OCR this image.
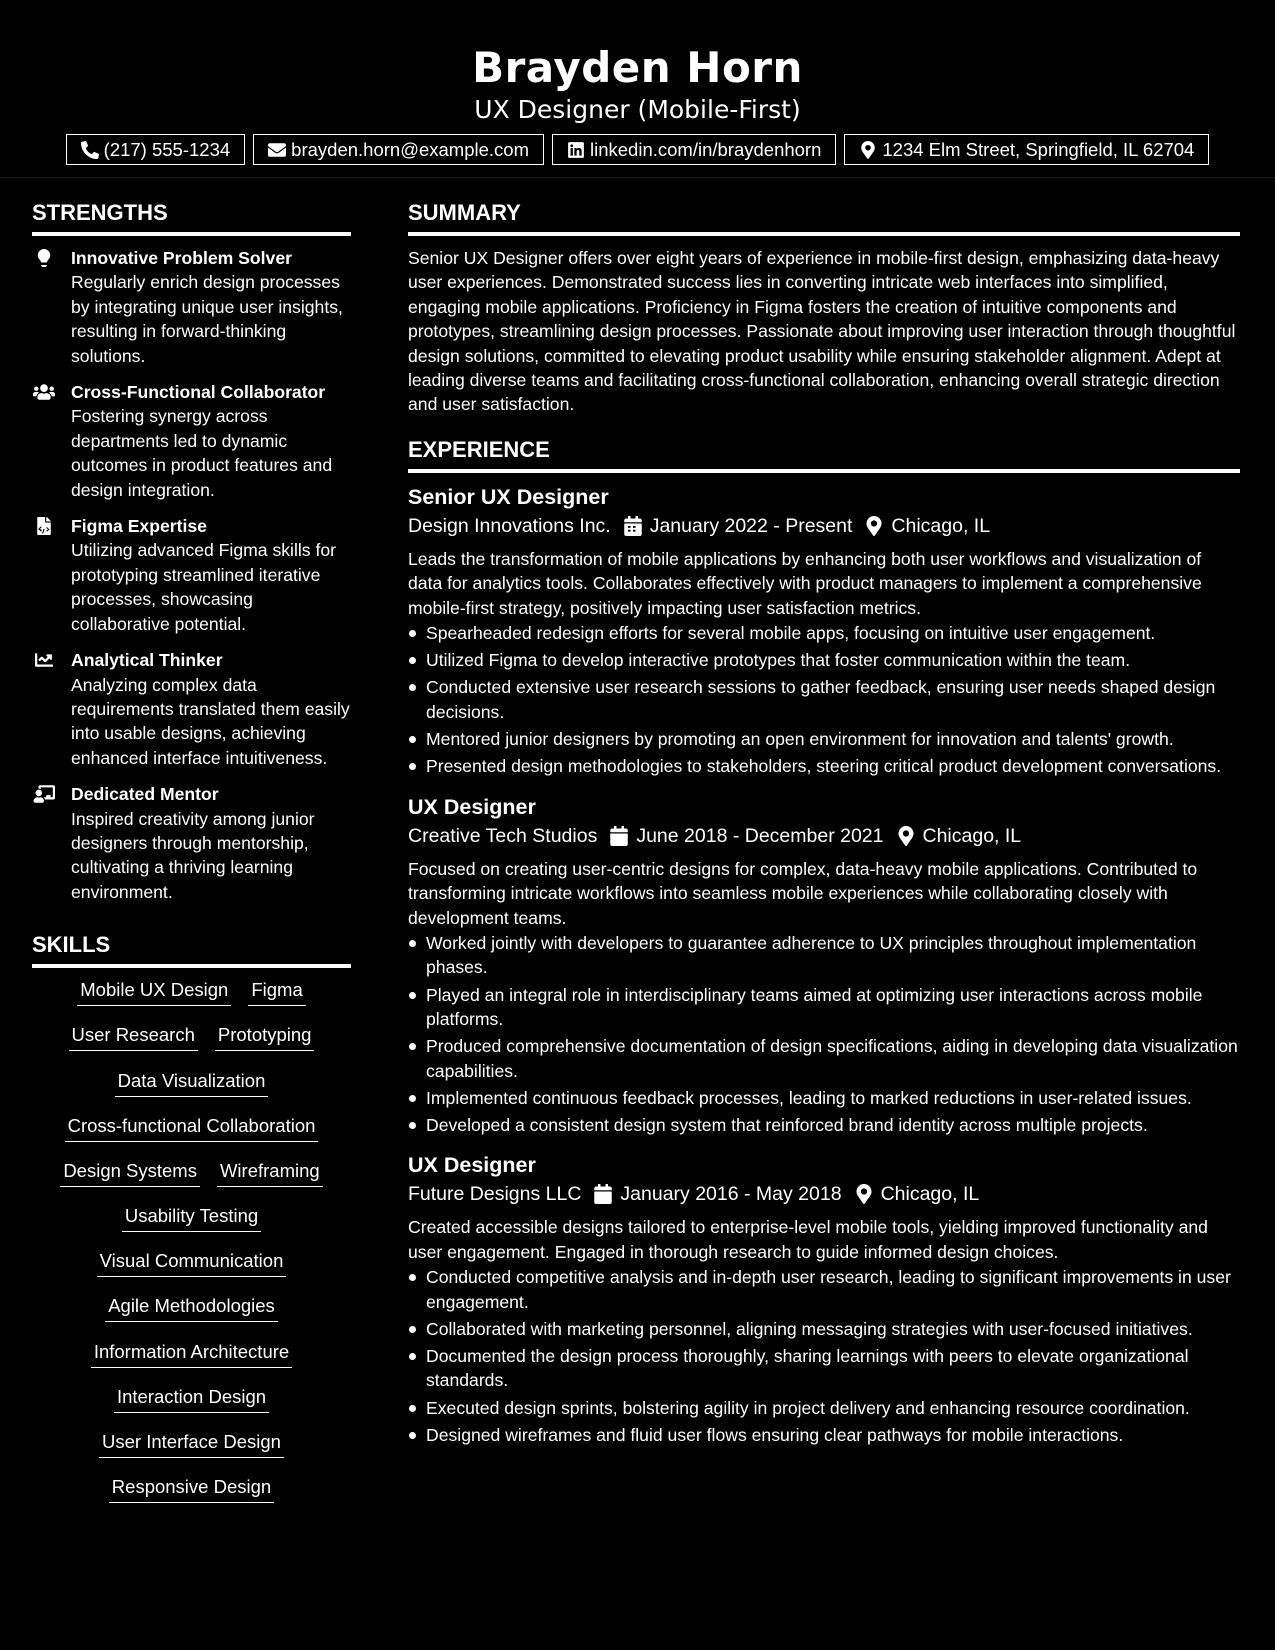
Brayden Horn
UX Designer (Mobile-First)
(217) 555-1234	brayden.horn@example.com	linkedin.com/in/braydenhorn	1234 Elm Street, Springfield, IL 62704
STRENGTHS
Innovative Problem Solver
Regularly enrich design processes by integrating unique user insights, resulting in forward-thinking solutions.
Cross-Functional Collaborator
Fostering synergy across departments led to dynamic outcomes in product features and design integration.
Figma Expertise
Utilizing advanced Figma skills for prototyping streamlined iterative processes, showcasing collaborative potential.
Analytical Thinker
Analyzing complex data requirements translated them easily into usable designs, achieving enhanced interface intuitiveness.
Dedicated Mentor
Inspired creativity among junior designers through mentorship, cultivating a thriving learning environment.
SKILLS
Mobile UX Design Figma
User Research Prototyping
Data Visualization
Cross-functional Collaboration
Design Systems Wireframing
Usability Testing
Visual Communication
Agile Methodologies
Information Architecture
Interaction Design
User Interface Design
Responsive Design
SUMMARY
Senior UX Designer offers over eight years of experience in mobile-first design, emphasizing data-heavy user experiences. Demonstrated success lies in converting intricate web interfaces into simplified, engaging mobile applications. Proficiency in Figma fosters the creation of intuitive components and prototypes, streamlining design processes. Passionate about improving user interaction through thoughtful design solutions, committed to elevating product usability while ensuring stakeholder alignment. Adept at leading diverse teams and facilitating cross-functional collaboration, enhancing overall strategic direction and user satisfaction.
EXPERIENCE
Senior UX Designer
Design Innovations Inc. January 2022 - Present Chicago, IL
Leads the transformation of mobile applications by enhancing both user workflows and visualization of data for analytics tools. Collaborates effectively with product managers to implement a comprehensive mobile-first strategy, positively impacting user satisfaction metrics.
Spearheaded redesign efforts for several mobile apps, focusing on intuitive user engagement.
Utilized Figma to develop interactive prototypes that foster communication within the team.
Conducted extensive user research sessions to gather feedback, ensuring user needs shaped design decisions.
Mentored junior designers by promoting an open environment for innovation and talents' growth.
Presented design methodologies to stakeholders, steering critical product development conversations.
UX Designer
Creative Tech Studios June 2018 - December 2021 Chicago, IL
Focused on creating user-centric designs for complex, data-heavy mobile applications. Contributed to transforming intricate workflows into seamless mobile experiences while collaborating closely with development teams.
Worked jointly with developers to guarantee adherence to UX principles throughout implementation phases.
Played an integral role in interdisciplinary teams aimed at optimizing user interactions across mobile platforms.
Produced comprehensive documentation of design specifications, aiding in developing data visualization capabilities.
Implemented continuous feedback processes, leading to marked reductions in user-related issues.
Developed a consistent design system that reinforced brand identity across multiple projects.
UX Designer
Future Designs LLC January 2016 - May 2018 Chicago, IL
Created accessible designs tailored to enterprise-level mobile tools, yielding improved functionality and user engagement. Engaged in thorough research to guide informed design choices.
Conducted competitive analysis and in-depth user research, leading to significant improvements in user engagement.
Collaborated with marketing personnel, aligning messaging strategies with user-focused initiatives.
Documented the design process thoroughly, sharing learnings with peers to elevate organizational standards.
Executed design sprints, bolstering agility in project delivery and enhancing resource coordination.
Designed wireframes and fluid user flows ensuring clear pathways for mobile interactions.
